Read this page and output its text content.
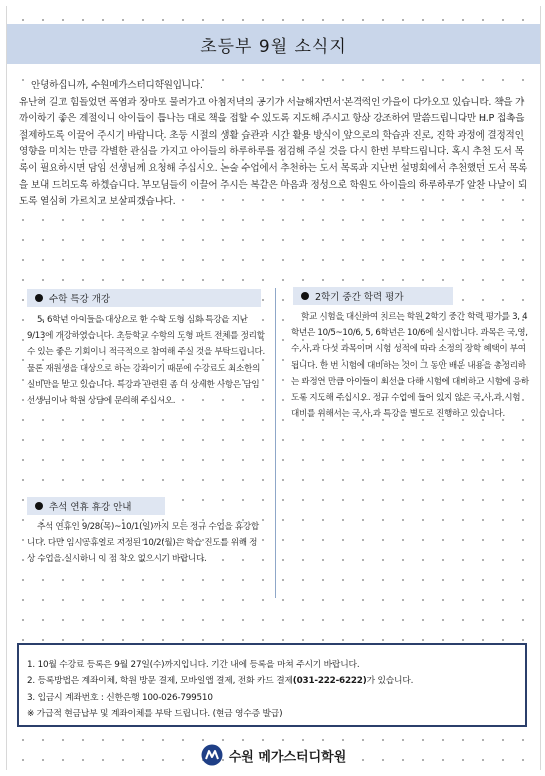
초등부 9월 소식지

안녕하십니까, 수원메가스터디학원입니다.

유난히 길고 힘들었던 폭염과 장마도 물러가고 아침저녁의 공기가 서늘해지면서 본격적인 가을이 다가오고 있습니다. 책을 가까이하기 좋은 계절이니 아이들이 틈나는 대로 책을 접할 수 있도록 지도해 주시고 항상 강조하여 말씀드립니다만 H.P 접촉을 절제하도록 이끌어 주시기 바랍니다. 초등 시절의 생활 습관과 시간 활용 방식이 앞으로의 학습과 진로, 진학 과정에 결정적인 영향을 미치는 만큼 각별한 관심을 가지고 아이들의 하루하루를 점검해 주실 것을 다시 한번 부탁드립니다. 혹시 추천 도서 목록이 필요하시면 담임 선생님께 요청해 주십시오. 논술 수업에서 추천하는 도서 목록과 지난번 설명회에서 추천했던 도서 목록을 보내 드리도록 하겠습니다. 부모님들이 이끌어 주시는 복같은 마음과 정성으로 학원도 아이들의 하루하루가 알찬 나날이 되도록 열심히 가르치고 보살피겠습니다.

수학 특강 개강
5, 6학년 아이들을 대상으로 한 수학 도형 심화 특강을 지난 9/13에 개강하였습니다. 초등학교 수학의 도형 파트 전체를 정리할 수 있는 좋은 기회이니 적극적으로 참여해 주실 것을 부탁드립니다. 물론 재원생을 대상으로 하는 강좌이기 때문에 수강료도 최소한의 실비만을 받고 있습니다. 특강과 관련된 좀 더 상세한 사항은 담임 선생님이나 학원 상담에 문의해 주십시오.
2학기 중간 학력 평가
학교 시험을 대신하여 치르는 학원 2학기 중간 학력 평가를 3, 4학년은 10/5~10/6, 5, 6학년은 10/6에 실시합니다. 과목은 국,영,수,사,과 다섯 과목이며 시험 성적에 따라 소정의 장학 혜택이 부여됩니다. 한 번 시험에 대비하는 것이 그 동안 배운 내용을 총정리하는 과정인 만큼 아이들이 최선을 다해 시험에 대비하고 시험에 응하도록 지도해 주십시오. 정규 수업에 들어 있지 않은 국,사,과 시험 대비를 위해서는 국,사,과 특강을 별도로 진행하고 있습니다.
추석 연휴 휴강 안내
추석 연휴인 9/28(목)~10/1(일)까지 모든 정규 수업을 휴강합니다. 다만 임시공휴일로 지정된 10/2(월)은 학습 진도를 위해 정상 수업을 실시하니 이 점 착오 없으시기 바랍니다.
1. 10월 수강료 등록은 9월 27일(수)까지입니다. 기간 내에 등록을 마쳐 주시기 바랍니다.
2. 등록방법은 계좌이체, 학원 방문 결제, 모바일앱 결제, 전화 카드 결제(031-222-6222)가 있습니다.
3. 입금시 계좌번호 : 신한은행 100-026-799510
※ 가급적 현금납부 및 계좌이체를 부탁 드립니다. (현금 영수증 발급)
수원 메가스터디학원
